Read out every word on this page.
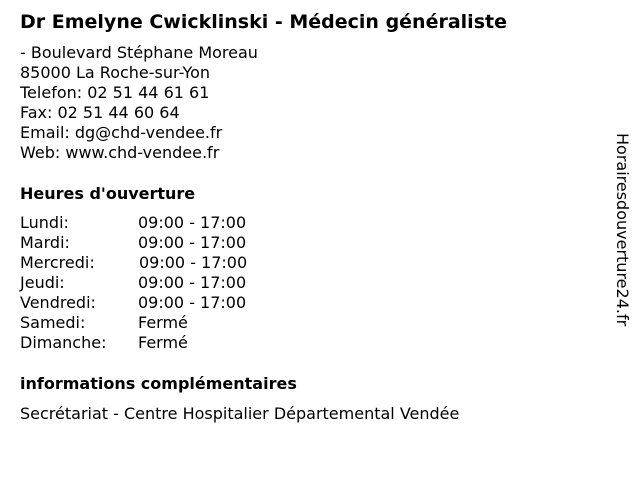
Dr Emelyne Cwicklinski - Médecin généraliste
- Boulevard Stéphane Moreau
85000 La Roche-sur-Yon
Telefon: 02 51 44 61 61
Fax: 02 51 44 60 64
Email: dg@chd-vendee.fr
Web: www.chd-vendee.fr
Heures d'ouverture
Lundi:	09:00 - 17:00
Mardi:	09:00 - 17:00
Mercredi:	09:00 - 17:00
Jeudi:	09:00 - 17:00
Vendredi:	09:00 - 17:00
Samedi:	Fermé
Dimanche: Fermé
informations complémentaires
Secrétariat - Centre Hospitalier Départemental Vendée
Horairesdouverture24.fr
